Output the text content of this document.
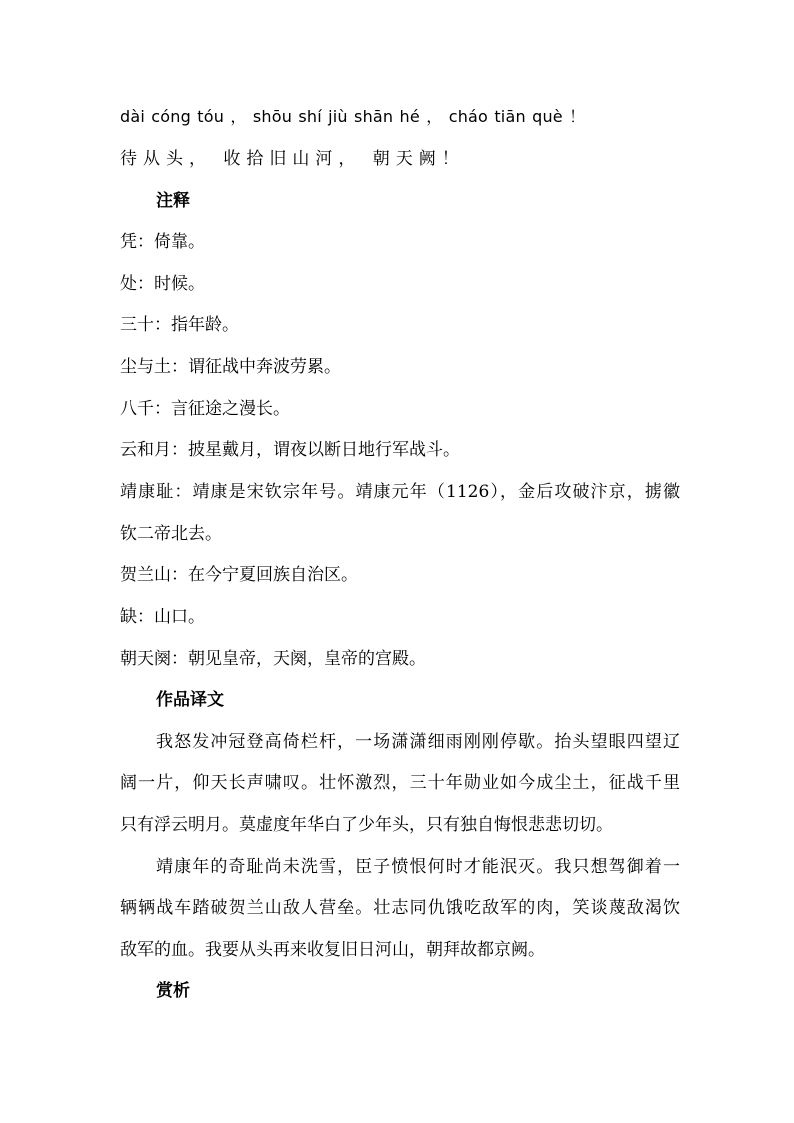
dài cóng tóu ， shōu shí jiù shān hé ， cháo tiān què ！
待从头， 收拾旧山河， 朝天阙！
注释
凭：倚靠。
处：时候。
三十：指年龄。
尘与土：谓征战中奔波劳累。
八千：言征途之漫长。
云和月：披星戴月，谓夜以断日地行军战斗。
靖康耻：靖康是宋钦宗年号。靖康元年（1126），金后攻破汴京，掳徽
钦二帝北去。
贺兰山：在今宁夏回族自治区。
缺：山口。
朝天阕：朝见皇帝，天阕，皇帝的宫殿。
作品译文
我怒发冲冠登高倚栏杆，一场潇潇细雨刚刚停歇。抬头望眼四望辽
阔一片，仰天长声啸叹。壮怀激烈，三十年勋业如今成尘土，征战千里
只有浮云明月。莫虚度年华白了少年头，只有独自悔恨悲悲切切。
靖康年的奇耻尚未洗雪，臣子愤恨何时才能泯灭。我只想驾御着一
辆辆战车踏破贺兰山敌人营垒。壮志同仇饿吃敌军的肉，笑谈蔑敌渴饮
敌军的血。我要从头再来收复旧日河山，朝拜故都京阙。
赏析
